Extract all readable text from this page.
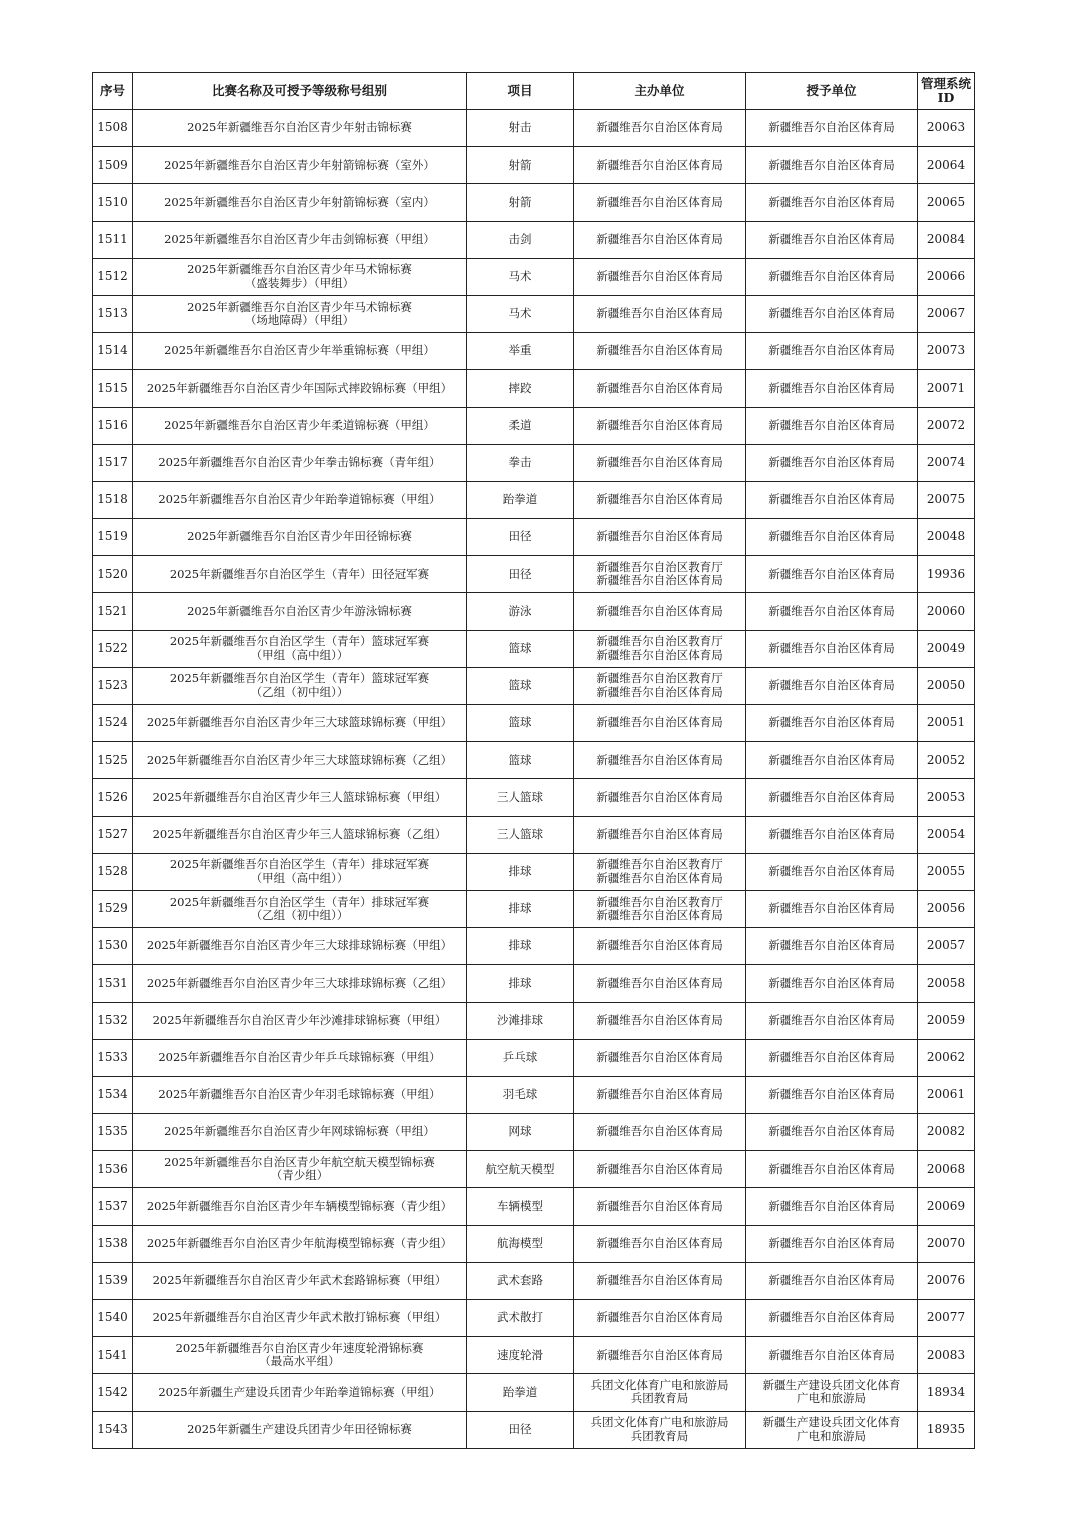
序号	比赛名称及可授予等级称号组别	项目	主办单位	授予单位	管理系统ID

1508	2025年新疆维吾尔自治区青少年射击锦标赛	射击	新疆维吾尔自治区体育局	新疆维吾尔自治区体育局	20063

1509	2025年新疆维吾尔自治区青少年射箭锦标赛（室外）	射箭	新疆维吾尔自治区体育局	新疆维吾尔自治区体育局	20064

1510	2025年新疆维吾尔自治区青少年射箭锦标赛（室内）	射箭	新疆维吾尔自治区体育局	新疆维吾尔自治区体育局	20065

1511	2025年新疆维吾尔自治区青少年击剑锦标赛（甲组）	击剑	新疆维吾尔自治区体育局	新疆维吾尔自治区体育局	20084

1512	2025年新疆维吾尔自治区青少年马术锦标赛
（盛装舞步）（甲组）	马术	新疆维吾尔自治区体育局	新疆维吾尔自治区体育局	20066

1513	2025年新疆维吾尔自治区青少年马术锦标赛
（场地障碍）（甲组）	马术	新疆维吾尔自治区体育局	新疆维吾尔自治区体育局	20067

1514	2025年新疆维吾尔自治区青少年举重锦标赛（甲组）	举重	新疆维吾尔自治区体育局	新疆维吾尔自治区体育局	20073

1515	2025年新疆维吾尔自治区青少年国际式摔跤锦标赛（甲组）	摔跤	新疆维吾尔自治区体育局	新疆维吾尔自治区体育局	20071

1516	2025年新疆维吾尔自治区青少年柔道锦标赛（甲组）	柔道	新疆维吾尔自治区体育局	新疆维吾尔自治区体育局	20072

1517	2025年新疆维吾尔自治区青少年拳击锦标赛（青年组）	拳击	新疆维吾尔自治区体育局	新疆维吾尔自治区体育局	20074

1518	2025年新疆维吾尔自治区青少年跆拳道锦标赛（甲组）	跆拳道	新疆维吾尔自治区体育局	新疆维吾尔自治区体育局	20075

1519	2025年新疆维吾尔自治区青少年田径锦标赛	田径	新疆维吾尔自治区体育局	新疆维吾尔自治区体育局	20048

1520	2025年新疆维吾尔自治区学生（青年）田径冠军赛	田径	新疆维吾尔自治区教育厅
新疆维吾尔自治区体育局	新疆维吾尔自治区体育局	19936

1521	2025年新疆维吾尔自治区青少年游泳锦标赛	游泳	新疆维吾尔自治区体育局	新疆维吾尔自治区体育局	20060

1522	2025年新疆维吾尔自治区学生（青年）篮球冠军赛
（甲组（高中组））	篮球	新疆维吾尔自治区教育厅
新疆维吾尔自治区体育局	新疆维吾尔自治区体育局	20049

1523	2025年新疆维吾尔自治区学生（青年）篮球冠军赛
（乙组（初中组））	篮球	新疆维吾尔自治区教育厅
新疆维吾尔自治区体育局	新疆维吾尔自治区体育局	20050

1524	2025年新疆维吾尔自治区青少年三大球篮球锦标赛（甲组）	篮球	新疆维吾尔自治区体育局	新疆维吾尔自治区体育局	20051

1525	2025年新疆维吾尔自治区青少年三大球篮球锦标赛（乙组）	篮球	新疆维吾尔自治区体育局	新疆维吾尔自治区体育局	20052

1526	2025年新疆维吾尔自治区青少年三人篮球锦标赛（甲组）	三人篮球	新疆维吾尔自治区体育局	新疆维吾尔自治区体育局	20053

1527	2025年新疆维吾尔自治区青少年三人篮球锦标赛（乙组）	三人篮球	新疆维吾尔自治区体育局	新疆维吾尔自治区体育局	20054

1528	2025年新疆维吾尔自治区学生（青年）排球冠军赛
（甲组（高中组））	排球	新疆维吾尔自治区教育厅
新疆维吾尔自治区体育局	新疆维吾尔自治区体育局	20055

1529	2025年新疆维吾尔自治区学生（青年）排球冠军赛
（乙组（初中组））	排球	新疆维吾尔自治区教育厅
新疆维吾尔自治区体育局	新疆维吾尔自治区体育局	20056

1530	2025年新疆维吾尔自治区青少年三大球排球锦标赛（甲组）	排球	新疆维吾尔自治区体育局	新疆维吾尔自治区体育局	20057

1531	2025年新疆维吾尔自治区青少年三大球排球锦标赛（乙组）	排球	新疆维吾尔自治区体育局	新疆维吾尔自治区体育局	20058

1532	2025年新疆维吾尔自治区青少年沙滩排球锦标赛（甲组）	沙滩排球	新疆维吾尔自治区体育局	新疆维吾尔自治区体育局	20059

1533	2025年新疆维吾尔自治区青少年乒乓球锦标赛（甲组）	乒乓球	新疆维吾尔自治区体育局	新疆维吾尔自治区体育局	20062

1534	2025年新疆维吾尔自治区青少年羽毛球锦标赛（甲组）	羽毛球	新疆维吾尔自治区体育局	新疆维吾尔自治区体育局	20061

1535	2025年新疆维吾尔自治区青少年网球锦标赛（甲组）	网球	新疆维吾尔自治区体育局	新疆维吾尔自治区体育局	20082

1536	2025年新疆维吾尔自治区青少年航空航天模型锦标赛
（青少组）	航空航天模型	新疆维吾尔自治区体育局	新疆维吾尔自治区体育局	20068

1537	2025年新疆维吾尔自治区青少年车辆模型锦标赛（青少组）	车辆模型	新疆维吾尔自治区体育局	新疆维吾尔自治区体育局	20069

1538	2025年新疆维吾尔自治区青少年航海模型锦标赛（青少组）	航海模型	新疆维吾尔自治区体育局	新疆维吾尔自治区体育局	20070

1539	2025年新疆维吾尔自治区青少年武术套路锦标赛（甲组）	武术套路	新疆维吾尔自治区体育局	新疆维吾尔自治区体育局	20076

1540	2025年新疆维吾尔自治区青少年武术散打锦标赛（甲组）	武术散打	新疆维吾尔自治区体育局	新疆维吾尔自治区体育局	20077

1541	2025年新疆维吾尔自治区青少年速度轮滑锦标赛
（最高水平组）	速度轮滑	新疆维吾尔自治区体育局	新疆维吾尔自治区体育局	20083

1542	2025年新疆生产建设兵团青少年跆拳道锦标赛（甲组）	跆拳道	兵团文化体育广电和旅游局
兵团教育局	新疆生产建设兵团文化体育
广电和旅游局	18934

1543	2025年新疆生产建设兵团青少年田径锦标赛	田径	兵团文化体育广电和旅游局
兵团教育局	新疆生产建设兵团文化体育
广电和旅游局	18935
